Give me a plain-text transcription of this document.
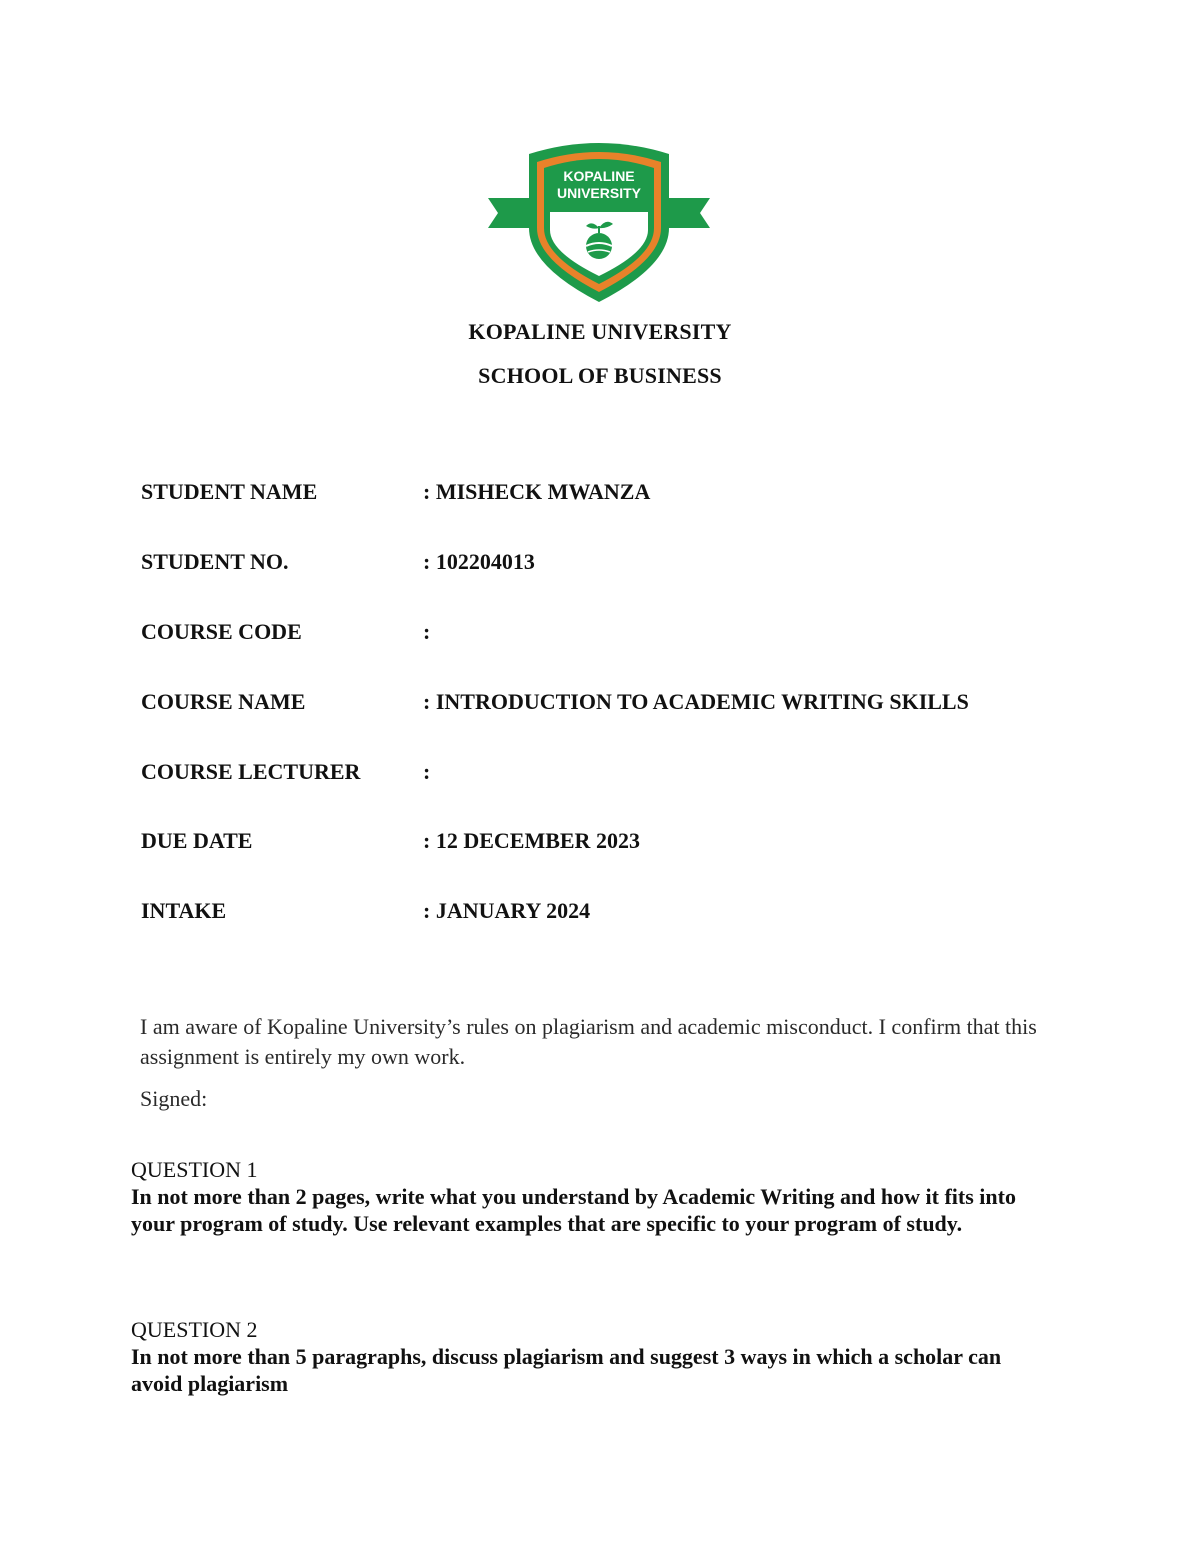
KOPALINE
UNIVERSITY
KOPALINE UNIVERSITY
SCHOOL OF BUSINESS
STUDENT NAME	: MISHECK MWANZA
STUDENT NO.	: 102204013
COURSE CODE	:
COURSE NAME	: INTRODUCTION TO ACADEMIC WRITING SKILLS
COURSE LECTURER	:
DUE DATE	: 12 DECEMBER 2023
INTAKE	: JANUARY 2024
I am aware of Kopaline University’s rules on plagiarism and academic misconduct. I confirm that this assignment is entirely my own work.
Signed:
QUESTION 1
In not more than 2 pages, write what you understand by Academic Writing and how it fits into your program of study. Use relevant examples that are specific to your program of study.
QUESTION 2
In not more than 5 paragraphs, discuss plagiarism and suggest 3 ways in which a scholar can avoid plagiarism
